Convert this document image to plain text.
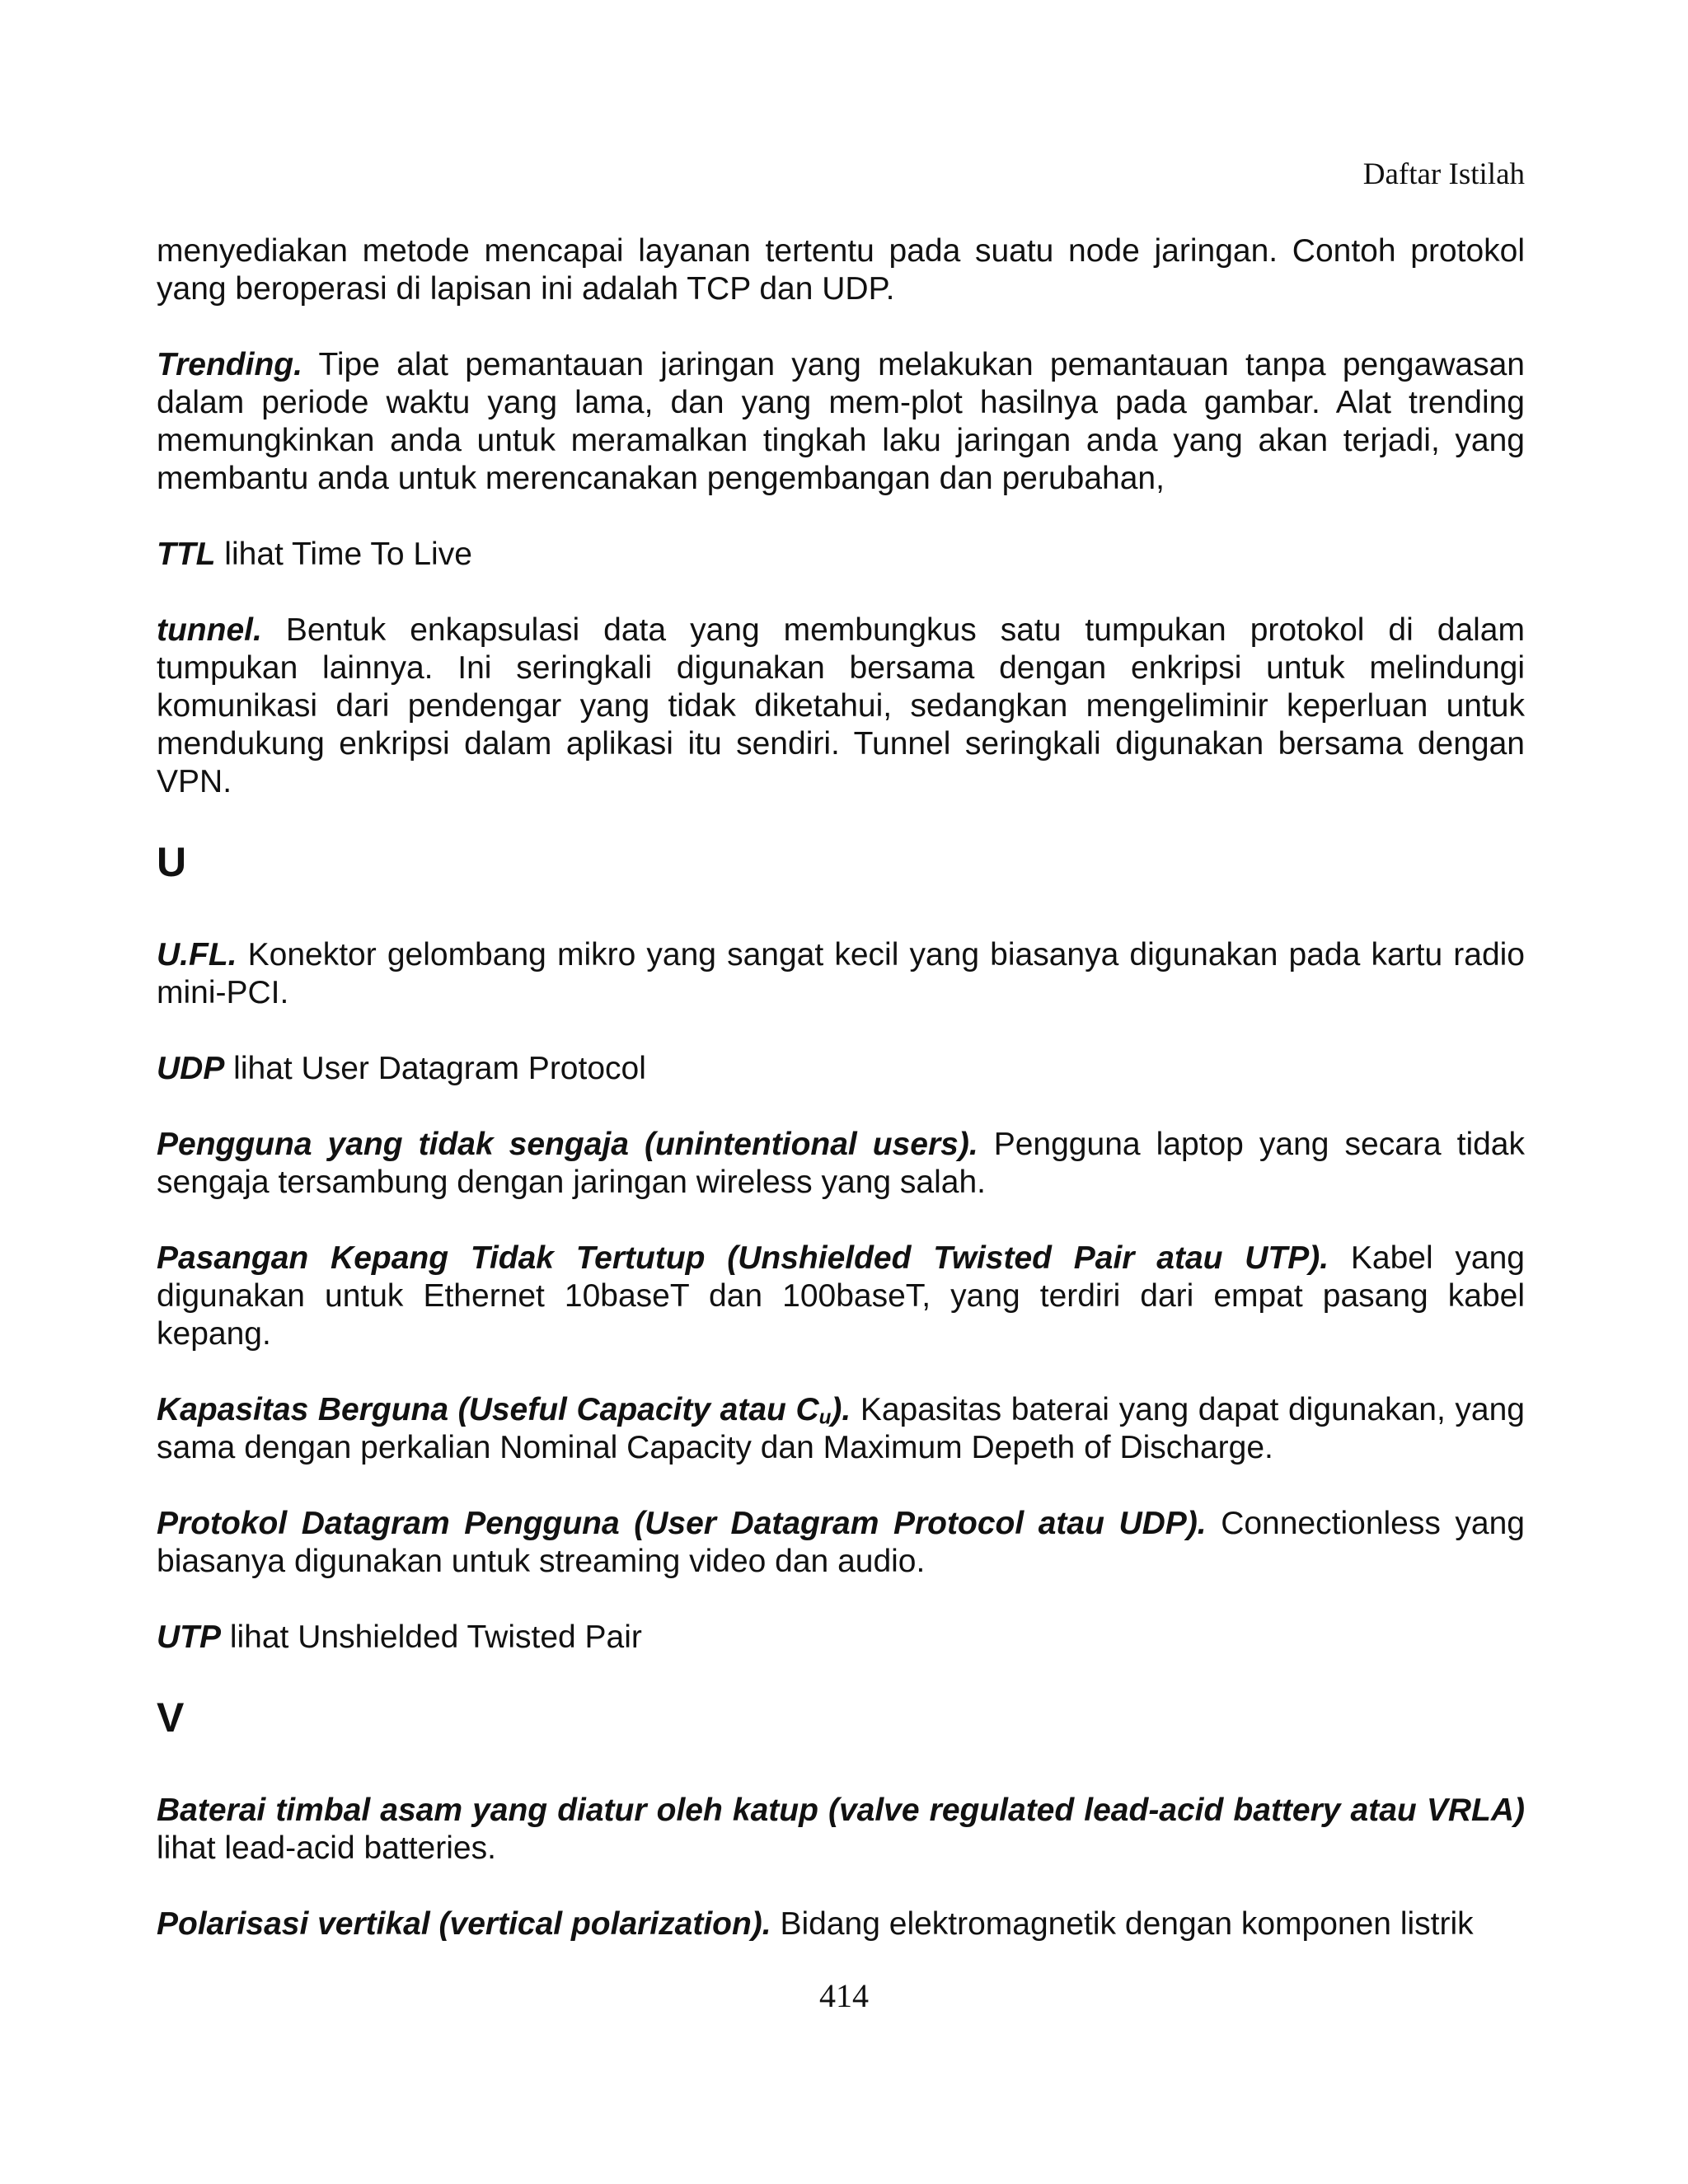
Daftar Istilah

menyediakan metode mencapai layanan tertentu pada suatu node jaringan. Contoh protokol yang beroperasi di lapisan ini adalah TCP dan UDP.

Trending. Tipe alat pemantauan jaringan yang melakukan pemantauan tanpa pengawasan dalam periode waktu yang lama, dan yang mem-plot hasilnya pada gambar. Alat trending memungkinkan anda untuk meramalkan tingkah laku jaringan anda yang akan terjadi, yang membantu anda untuk merencanakan pengembangan dan perubahan,

TTL lihat Time To Live

tunnel. Bentuk enkapsulasi data yang membungkus satu tumpukan protokol di dalam tumpukan lainnya. Ini seringkali digunakan bersama dengan enkripsi untuk melindungi komunikasi dari pendengar yang tidak diketahui, sedangkan mengeliminir keperluan untuk mendukung enkripsi dalam aplikasi itu sendiri. Tunnel seringkali digunakan bersama dengan VPN.

U

U.FL. Konektor gelombang mikro yang sangat kecil yang biasanya digunakan pada kartu radio mini-PCI.

UDP lihat User Datagram Protocol

Pengguna yang tidak sengaja (unintentional users). Pengguna laptop yang secara tidak sengaja tersambung dengan jaringan wireless yang salah.

Pasangan Kepang Tidak Tertutup (Unshielded Twisted Pair atau UTP). Kabel yang digunakan untuk Ethernet 10baseT dan 100baseT, yang terdiri dari empat pasang kabel kepang.

Kapasitas Berguna (Useful Capacity atau $C_u$). Kapasitas baterai yang dapat digunakan, yang sama dengan perkalian Nominal Capacity dan Maximum Depeth of Discharge.

Protokol Datagram Pengguna (User Datagram Protocol atau UDP). Connectionless yang biasanya digunakan untuk streaming video dan audio.

UTP lihat Unshielded Twisted Pair

V

Baterai timbal asam yang diatur oleh katup (valve regulated lead-acid battery atau VRLA) lihat lead-acid batteries.

Polarisasi vertikal (vertical polarization). Bidang elektromagnetik dengan komponen listrik

414
